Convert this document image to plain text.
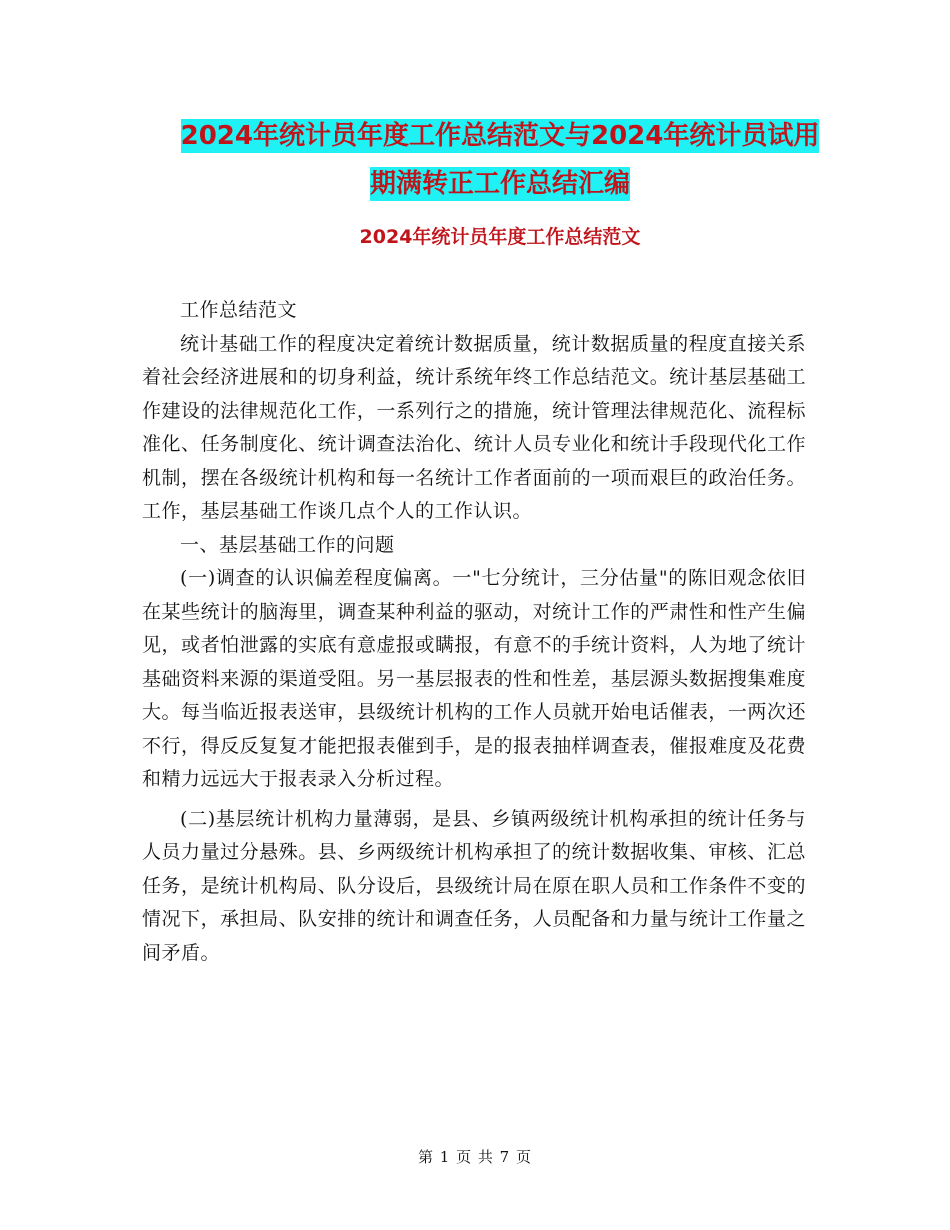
2024年统计员年度工作总结范文与2024年统计员试用
期满转正工作总结汇编
2024年统计员年度工作总结范文

工作总结范文

统计基础工作的程度决定着统计数据质量，统计数据质量的程度直接关系着社会经济进展和的切身利益，统计系统年终工作总结范文。统计基层基础工作建设的法律规范化工作，一系列行之的措施，统计管理法律规范化、流程标准化、任务制度化、统计调查法治化、统计人员专业化和统计手段现代化工作机制，摆在各级统计机构和每一名统计工作者面前的一项而艰巨的政治任务。工作，基层基础工作谈几点个人的工作认识。

一、基层基础工作的问题

(一)调查的认识偏差程度偏离。一"七分统计，三分估量"的陈旧观念依旧在某些统计的脑海里，调查某种利益的驱动，对统计工作的严肃性和性产生偏见，或者怕泄露的实底有意虚报或瞒报，有意不的手统计资料，人为地了统计基础资料来源的渠道受阻。另一基层报表的性和性差，基层源头数据搜集难度大。每当临近报表送审，县级统计机构的工作人员就开始电话催表，一两次还不行，得反反复复才能把报表催到手，是的报表抽样调查表，催报难度及花费和精力远远大于报表录入分析过程。

(二)基层统计机构力量薄弱，是县、乡镇两级统计机构承担的统计任务与人员力量过分悬殊。县、乡两级统计机构承担了的统计数据收集、审核、汇总任务，是统计机构局、队分设后，县级统计局在原在职人员和工作条件不变的情况下，承担局、队安排的统计和调查任务，人员配备和力量与统计工作量之间矛盾。

第 1 页 共 7 页
